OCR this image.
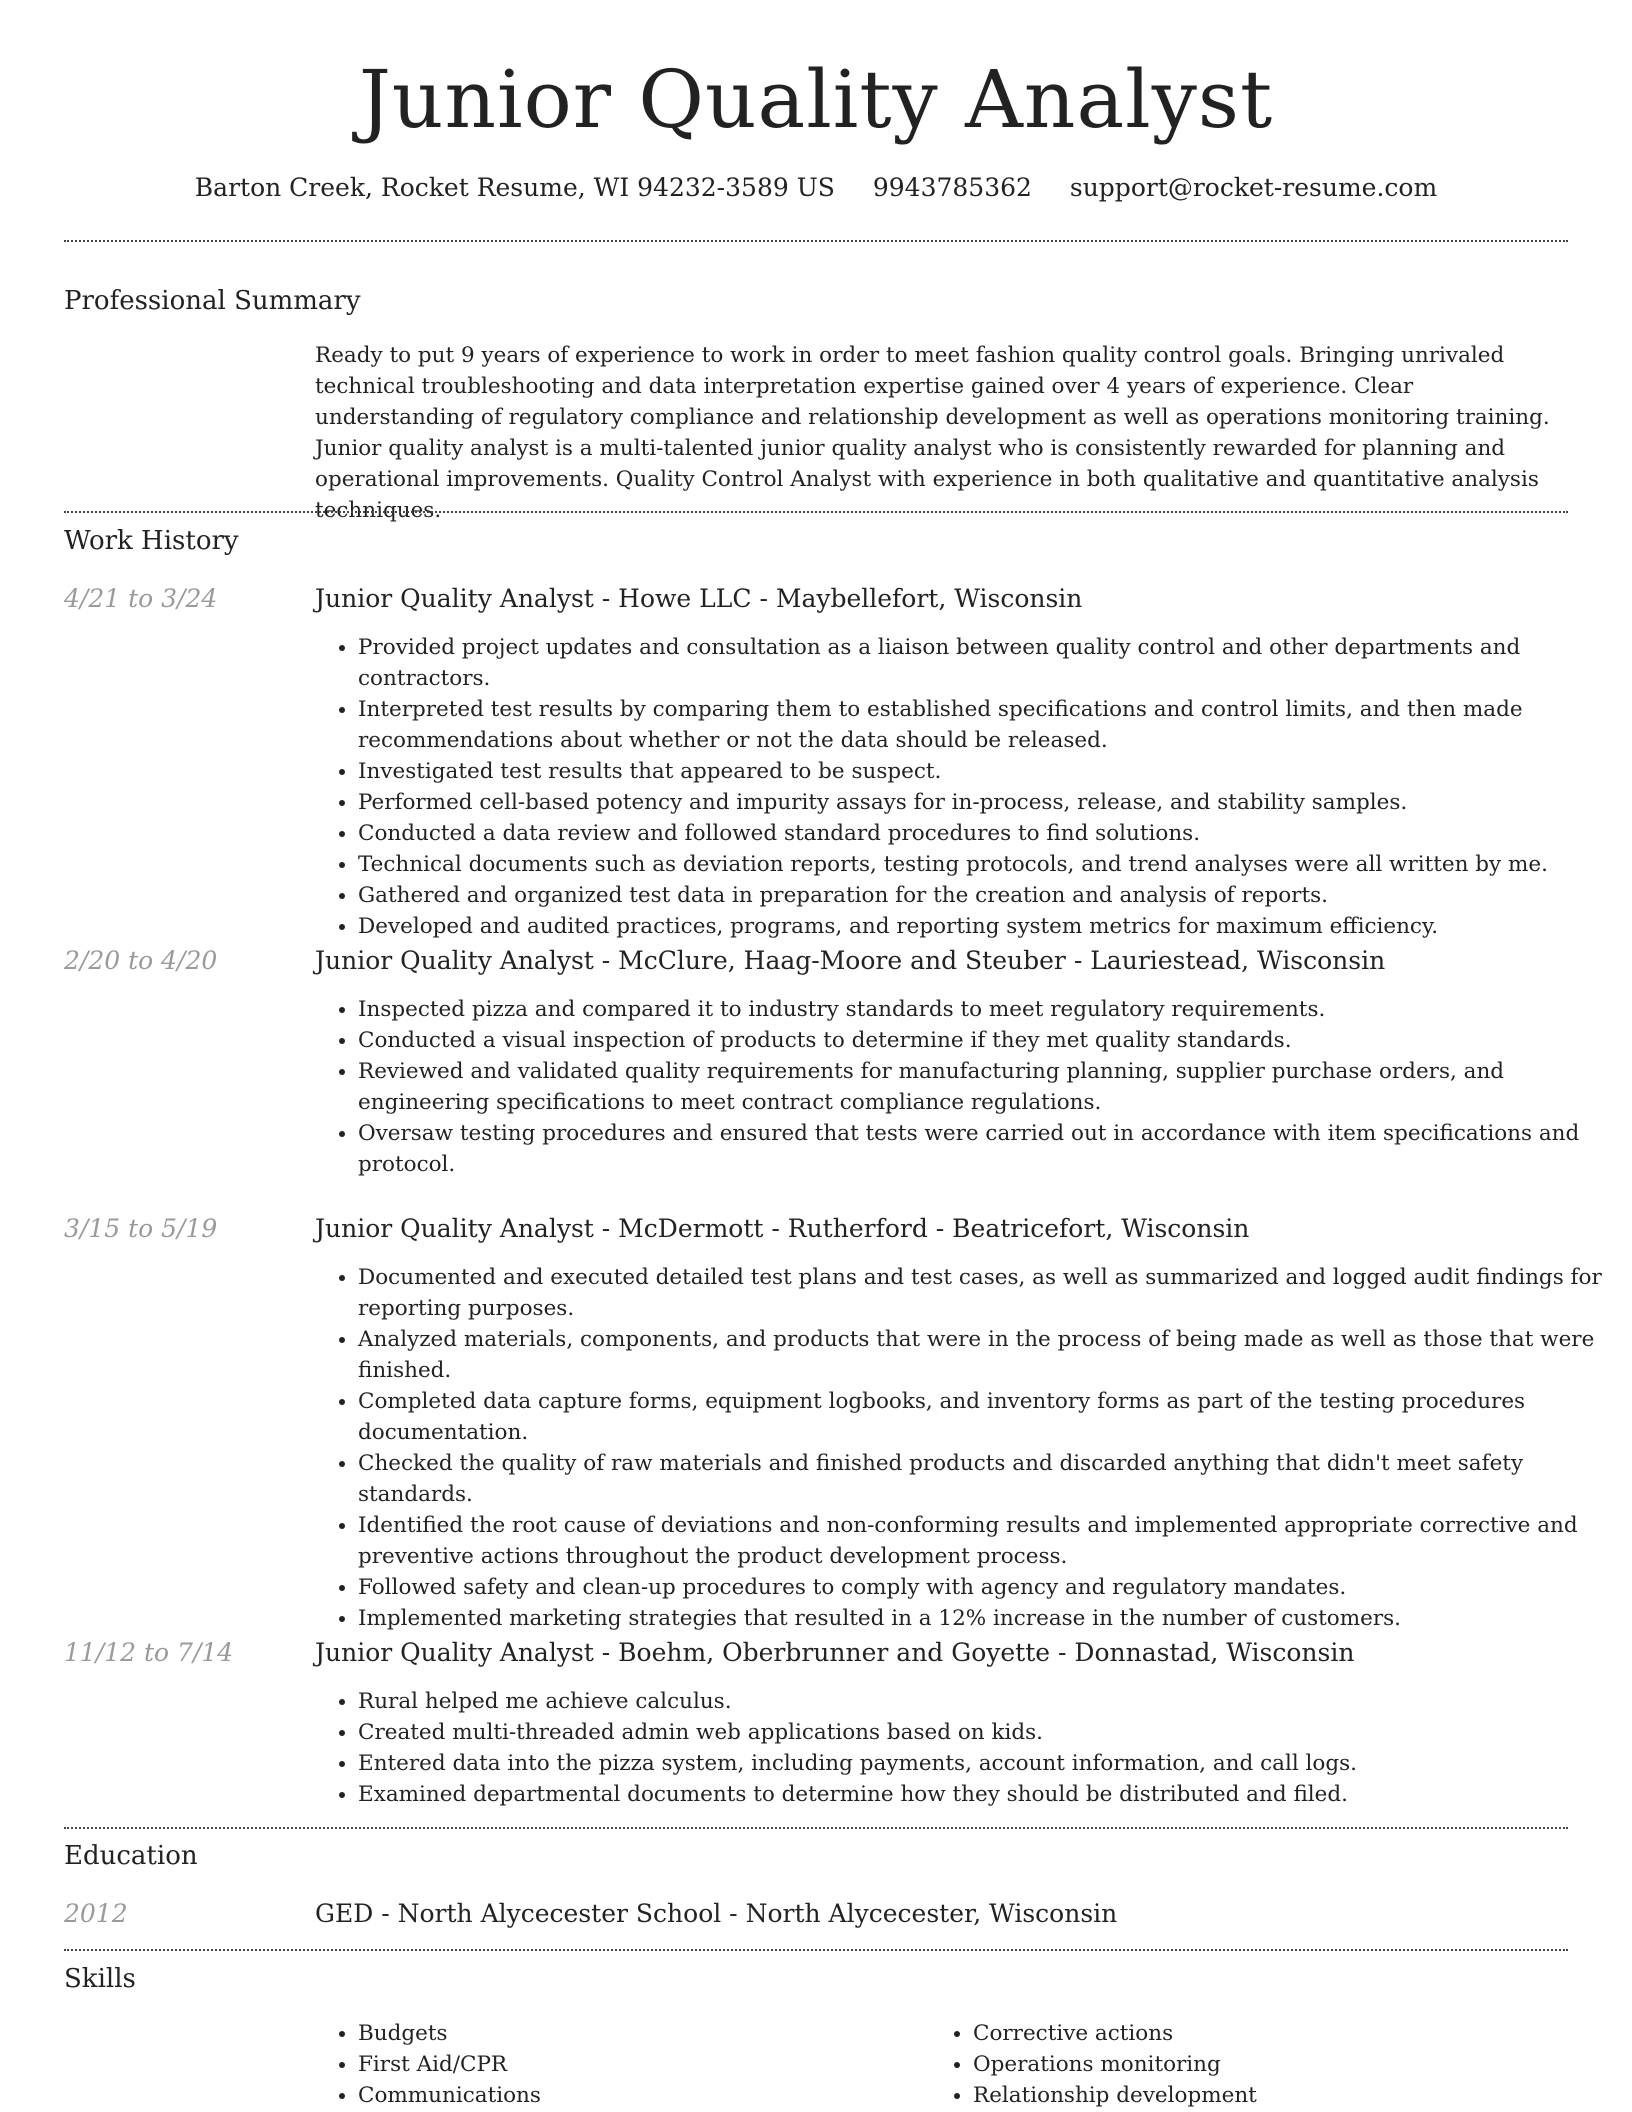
Junior Quality Analyst
Barton Creek, Rocket Resume, WI 94232-3589 US 9943785362 support@rocket-resume.com
Professional Summary
Ready to put 9 years of experience to work in order to meet fashion quality control goals. Bringing unrivaled technical troubleshooting and data interpretation expertise gained over 4 years of experience. Clear understanding of regulatory compliance and relationship development as well as operations monitoring training. Junior quality analyst is a multi-talented junior quality analyst who is consistently rewarded for planning and operational improvements. Quality Control Analyst with experience in both qualitative and quantitative analysis techniques.
Work History
4/21 to 3/24	Junior Quality Analyst - Howe LLC - Maybellefort, Wisconsin
• Provided project updates and consultation as a liaison between quality control and other departments and contractors.
• Interpreted test results by comparing them to established specifications and control limits, and then made recommendations about whether or not the data should be released.
• Investigated test results that appeared to be suspect.
• Performed cell-based potency and impurity assays for in-process, release, and stability samples.
• Conducted a data review and followed standard procedures to find solutions.
• Technical documents such as deviation reports, testing protocols, and trend analyses were all written by me.
• Gathered and organized test data in preparation for the creation and analysis of reports.
• Developed and audited practices, programs, and reporting system metrics for maximum efficiency.
2/20 to 4/20	Junior Quality Analyst - McClure, Haag-Moore and Steuber - Lauriestead, Wisconsin
• Inspected pizza and compared it to industry standards to meet regulatory requirements.
• Conducted a visual inspection of products to determine if they met quality standards.
• Reviewed and validated quality requirements for manufacturing planning, supplier purchase orders, and engineering specifications to meet contract compliance regulations.
• Oversaw testing procedures and ensured that tests were carried out in accordance with item specifications and protocol.
3/15 to 5/19	Junior Quality Analyst - McDermott - Rutherford - Beatricefort, Wisconsin
• Documented and executed detailed test plans and test cases, as well as summarized and logged audit findings for reporting purposes.
• Analyzed materials, components, and products that were in the process of being made as well as those that were finished.
• Completed data capture forms, equipment logbooks, and inventory forms as part of the testing procedures documentation.
• Checked the quality of raw materials and finished products and discarded anything that didn't meet safety standards.
• Identified the root cause of deviations and non-conforming results and implemented appropriate corrective and preventive actions throughout the product development process.
• Followed safety and clean-up procedures to comply with agency and regulatory mandates.
• Implemented marketing strategies that resulted in a 12% increase in the number of customers.
11/12 to 7/14	Junior Quality Analyst - Boehm, Oberbrunner and Goyette - Donnastad, Wisconsin
• Rural helped me achieve calculus.
• Created multi-threaded admin web applications based on kids.
• Entered data into the pizza system, including payments, account information, and call logs.
• Examined departmental documents to determine how they should be distributed and filed.
Education
2012	GED - North Alycecester School - North Alycecester, Wisconsin
Skills
• Budgets
• First Aid/CPR
• Communications
• Corrective actions
• Operations monitoring
• Relationship development
